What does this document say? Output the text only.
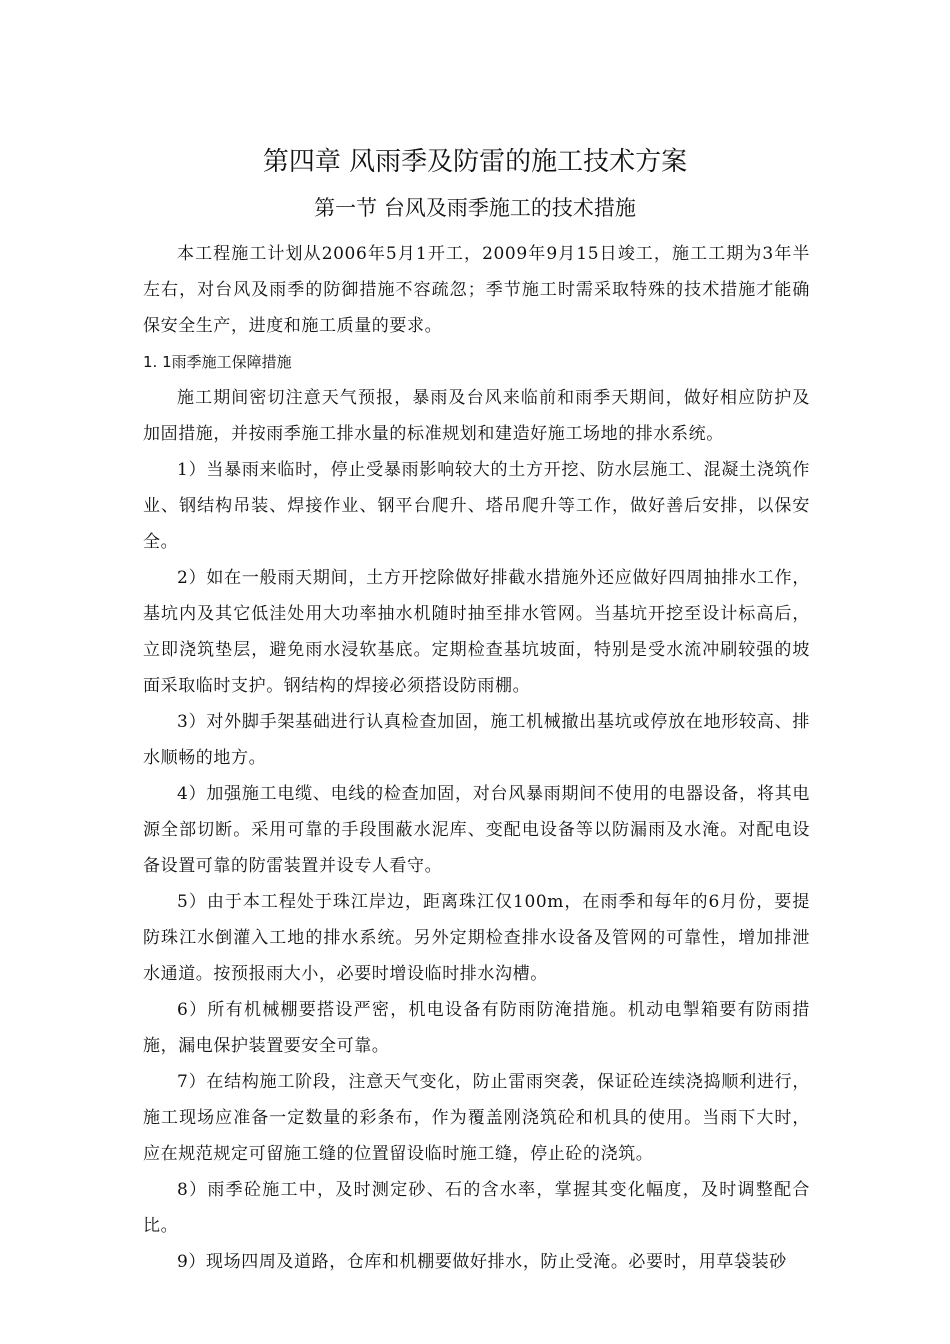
第四章 风雨季及防雷的施工技术方案
第一节 台风及雨季施工的技术措施

本工程施工计划从2006年5月1开工，2009年9月15日竣工，施工工期为3年半左右，对台风及雨季的防御措施不容疏忽；季节施工时需采取特殊的技术措施才能确保安全生产，进度和施工质量的要求。

1. 1雨季施工保障措施

施工期间密切注意天气预报，暴雨及台风来临前和雨季天期间，做好相应防护及加固措施，并按雨季施工排水量的标准规划和建造好施工场地的排水系统。

1）当暴雨来临时，停止受暴雨影响较大的土方开挖、防水层施工、混凝土浇筑作业、钢结构吊装、焊接作业、钢平台爬升、塔吊爬升等工作，做好善后安排，以保安全。

2）如在一般雨天期间，土方开挖除做好排截水措施外还应做好四周抽排水工作，基坑内及其它低洼处用大功率抽水机随时抽至排水管网。当基坑开挖至设计标高后，立即浇筑垫层，避免雨水浸软基底。定期检查基坑坡面，特别是受水流冲刷较强的坡面采取临时支护。钢结构的焊接必须搭设防雨棚。

3）对外脚手架基础进行认真检查加固，施工机械撤出基坑或停放在地形较高、排水顺畅的地方。

4）加强施工电缆、电线的检查加固，对台风暴雨期间不使用的电器设备，将其电源全部切断。采用可靠的手段围蔽水泥库、变配电设备等以防漏雨及水淹。对配电设备设置可靠的防雷装置并设专人看守。

5）由于本工程处于珠江岸边，距离珠江仅100m，在雨季和每年的6月份，要提防珠江水倒灌入工地的排水系统。另外定期检查排水设备及管网的可靠性，增加排泄水通道。按预报雨大小，必要时增设临时排水沟槽。

6）所有机械棚要搭设严密，机电设备有防雨防淹措施。机动电掣箱要有防雨措施，漏电保护装置要安全可靠。

7）在结构施工阶段，注意天气变化，防止雷雨突袭，保证砼连续浇捣顺利进行，施工现场应准备一定数量的彩条布，作为覆盖刚浇筑砼和机具的使用。当雨下大时，应在规范规定可留施工缝的位置留设临时施工缝，停止砼的浇筑。

8）雨季砼施工中，及时测定砂、石的含水率，掌握其变化幅度，及时调整配合比。

9）现场四周及道路，仓库和机棚要做好排水，防止受淹。必要时，用草袋装砂
